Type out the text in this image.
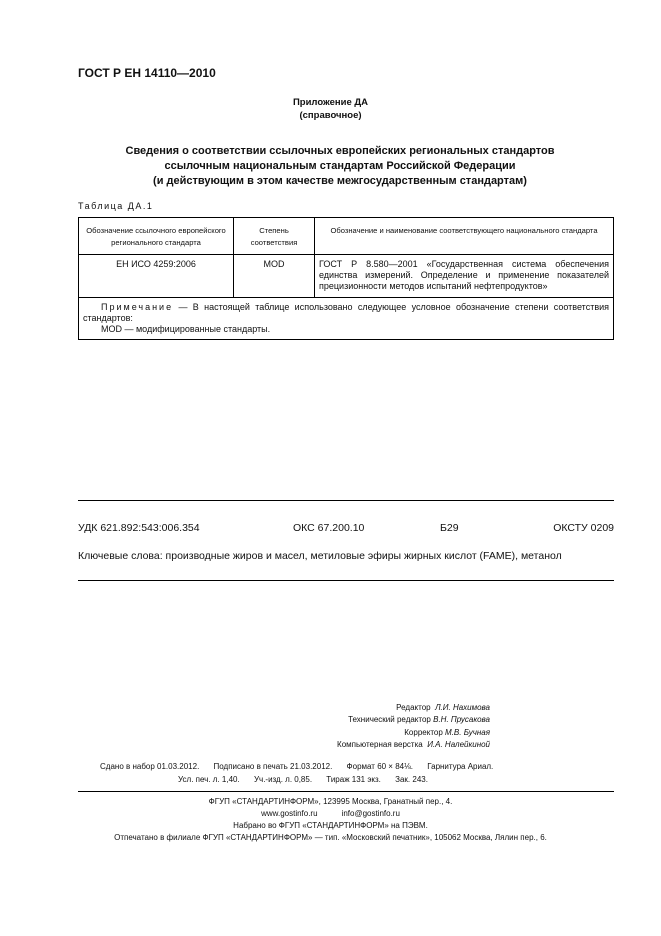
ГОСТ Р ЕН 14110—2010
Приложение ДА
(справочное)
Сведения о соответствии ссылочных европейских региональных стандартов
ссылочным национальным стандартам Российской Федерации
(и действующим в этом качестве межгосударственным стандартам)
Таблица ДА.1
Обозначение ссылочного европейского регионального стандарта	Степень соответствия	Обозначение и наименование соответствующего национального стандарта
ЕН ИСО 4259:2006	MOD	ГОСТ Р 8.580—2001 «Государственная система обеспечения единства измерений. Определение и применение показателей прецизионности методов испытаний нефтепродуктов»
Примечание — В настоящей таблице использовано следующее условное обозначение степени соответствия стандартов:
MOD — модифицированные стандарты.		
УДК 621.892:543:006.354	ОКС 67.200.10	Б29	ОКСТУ 0209
Ключевые слова: производные жиров и масел, метиловые эфиры жирных кислот (FAME), метанол
Редактор Л.И. Нахимова
Технический редактор В.Н. Прусакова
Корректор М.В. Бучная
Компьютерная верстка И.А. Налейкиной
Сдано в набор 01.03.2012. Подписано в печать 21.03.2012. Формат 60 × 84⅛. Гарнитура Ариал.
Усл. печ. л. 1,40. Уч.-изд. л. 0,85. Тираж 131 экз. Зак. 243.
ФГУП «СТАНДАРТИНФОРМ», 123995 Москва, Гранатный пер., 4.
www.gostinfo.ru	info@gostinfo.ru
Набрано во ФГУП «СТАНДАРТИНФОРМ» на ПЭВМ.
Отпечатано в филиале ФГУП «СТАНДАРТИНФОРМ» — тип. «Московский печатник», 105062 Москва, Лялин пер., 6.
